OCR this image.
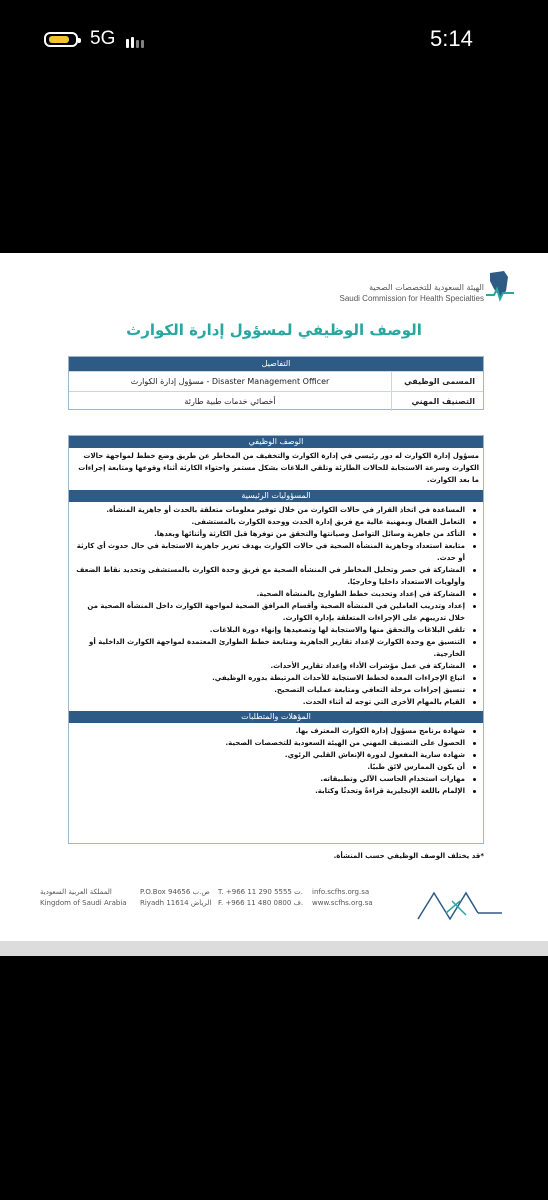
5G	5:14
الهيئة السعودية للتخصصات الصحية
Saudi Commission for Health Specialties
الوصف الوظيفي لمسؤول إدارة الكوارث
التفاصيل
المسمى الوظيفي
مسؤول إدارة الكوارث - Disaster Management Officer
التصنيف المهني
أخصائي خدمات طبية طارئة
الوصف الوظيفي
مسؤول إدارة الكوارث له دور رئيسي في إدارة الكوارث والتخفيف من المخاطر عن طريق وضع خطط لمواجهة حالات الكوارث وسرعة الاستجابة للحالات الطارئة وتلقي البلاغات بشكل مستمر واحتواء الكارثة أثناء وقوعها ومتابعة إجراءات ما بعد الكوارث.
المسؤوليات الرئيسية
المساعدة في اتخاذ القرار في حالات الكوارث من خلال توفير معلومات متعلقة بالحدث أو جاهزية المنشأة.
التعامل الفعال وبمهنية عالية مع فريق إدارة الحدث ووحدة الكوارث بالمستشفى.
التأكد من جاهزية وسائل التواصل وصيانتها والتحقق من توفرها قبل الكارثة وأثنائها وبعدها.
متابعة استعداد وجاهزية المنشأة الصحية في حالات الكوارث بهدف تعزيز جاهزية الاستجابة في حال حدوث أي كارثة أو حدث.
المشاركة في حصر وتحليل المخاطر في المنشأة الصحية مع فريق وحدة الكوارث بالمستشفى وتحديد نقاط الضعف وأولويات الاستعداد داخليا وخارجيًا.
المشاركة في إعداد وتحديث خطط الطوارئ بالمنشأة الصحية.
إعداد وتدريب العاملين في المنشأة الصحية وأقسام المرافق الصحية لمواجهة الكوارث داخل المنشأة الصحية من خلال تدريبهم على الإجراءات المتعلقة بإدارة الكوارث.
تلقي البلاغات والتحقق منها والاستجابة لها وتصعيدها وإنهاء دورة البلاغات.
التنسيق مع وحدة الكوارث لإعداد تقارير الجاهزية ومتابعة خطط الطوارئ المعتمدة لمواجهة الكوارث الداخلية أو الخارجية.
المشاركة في عمل مؤشرات الأداء وإعداد تقارير الأحداث.
اتباع الإجراءات المعدة لخطط الاستجابة للأحداث المرتبطة بدوره الوظيفي.
تنسيق إجراءات مرحلة التعافي ومتابعة عمليات التصحيح.
القيام بالمهام الأخرى التي توجه له أثناء الحدث.
المؤهلات والمتطلبات
شهادة برنامج مسؤول إدارة الكوارث المعترف بها.
الحصول على التصنيف المهني من الهيئة السعودية للتخصصات الصحية.
شهادة سارية المفعول لدورة الإنعاش القلبي الرئوي.
أن يكون الممارس لائق طبيًا.
مهارات استخدام الحاسب الآلي وتطبيقاته.
الإلمام باللغة الإنجليزية قراءةً وتحدثًا وكتابة.
*قد يختلف الوصف الوظيفي حسب المنشأة.
المملكة العربية السعودية
Kingdom of Saudi Arabia
P.O.Box 94656 ص.ب
Riyadh 11614 الرياض
T. +966 11 290 5555 ت.
F. +966 11 480 0800 ف.
info.scfhs.org.sa
www.scfhs.org.sa
